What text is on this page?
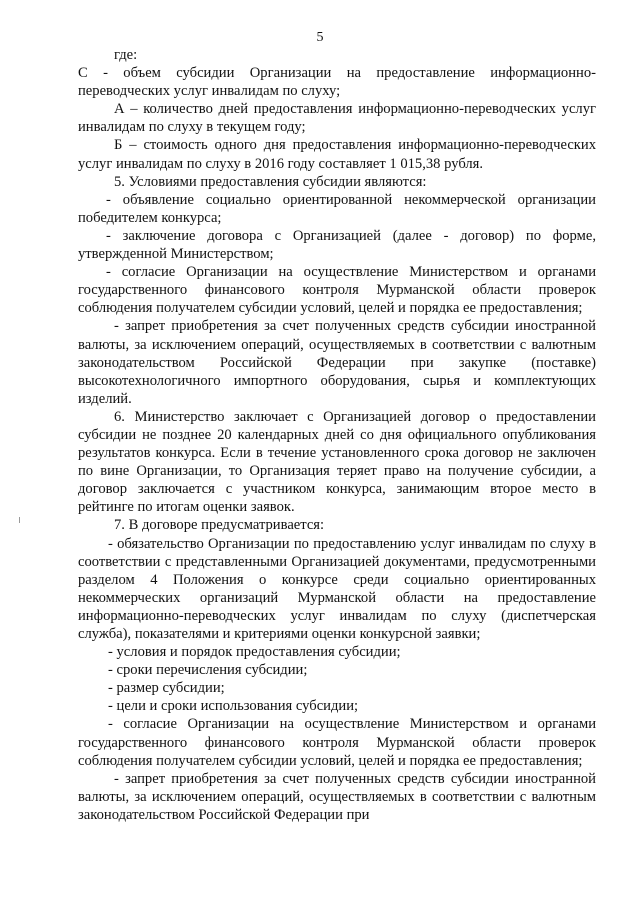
5

где:

С - объем субсидии Организации на предоставление информационно-переводческих услуг инвалидам по слуху;

А – количество дней предоставления информационно-переводческих услуг инвалидам по слуху в текущем году;

Б – стоимость одного дня предоставления информационно-переводческих услуг инвалидам по слуху в 2016 году составляет 1 015,38 рубля.

5. Условиями предоставления субсидии являются:

- объявление социально ориентированной некоммерческой организации победителем конкурса;

- заключение договора с Организацией (далее - договор) по форме, утвержденной Министерством;

- согласие Организации на осуществление Министерством и органами государственного финансового контроля Мурманской области проверок соблюдения получателем субсидии условий, целей и порядка ее предоставления;

- запрет приобретения за счет полученных средств субсидии иностранной валюты, за исключением операций, осуществляемых в соответствии с валютным законодательством Российской Федерации при закупке (поставке) высокотехнологичного импортного оборудования, сырья и комплектующих изделий.

6. Министерство заключает с Организацией договор о предоставлении субсидии не позднее 20 календарных дней со дня официального опубликования результатов конкурса. Если в течение установленного срока договор не заключен по вине Организации, то Организация теряет право на получение субсидии, а договор заключается с участником конкурса, занимающим второе место в рейтинге по итогам оценки заявок.

7. В договоре предусматривается:

- обязательство Организации по предоставлению услуг инвалидам по слуху в соответствии с представленными Организацией документами, предусмотренными разделом 4 Положения о конкурсе среди социально ориентированных некоммерческих организаций Мурманской области на предоставление информационно-переводческих услуг инвалидам по слуху (диспетчерская служба), показателями и критериями оценки конкурсной заявки;

- условия и порядок предоставления субсидии;

- сроки перечисления субсидии;

- размер субсидии;

- цели и сроки использования субсидии;

- согласие Организации на осуществление Министерством и органами государственного финансового контроля Мурманской области проверок соблюдения получателем субсидии условий, целей и порядка ее предоставления;

- запрет приобретения за счет полученных средств субсидии иностранной валюты, за исключением операций, осуществляемых в соответствии с валютным законодательством Российской Федерации при
